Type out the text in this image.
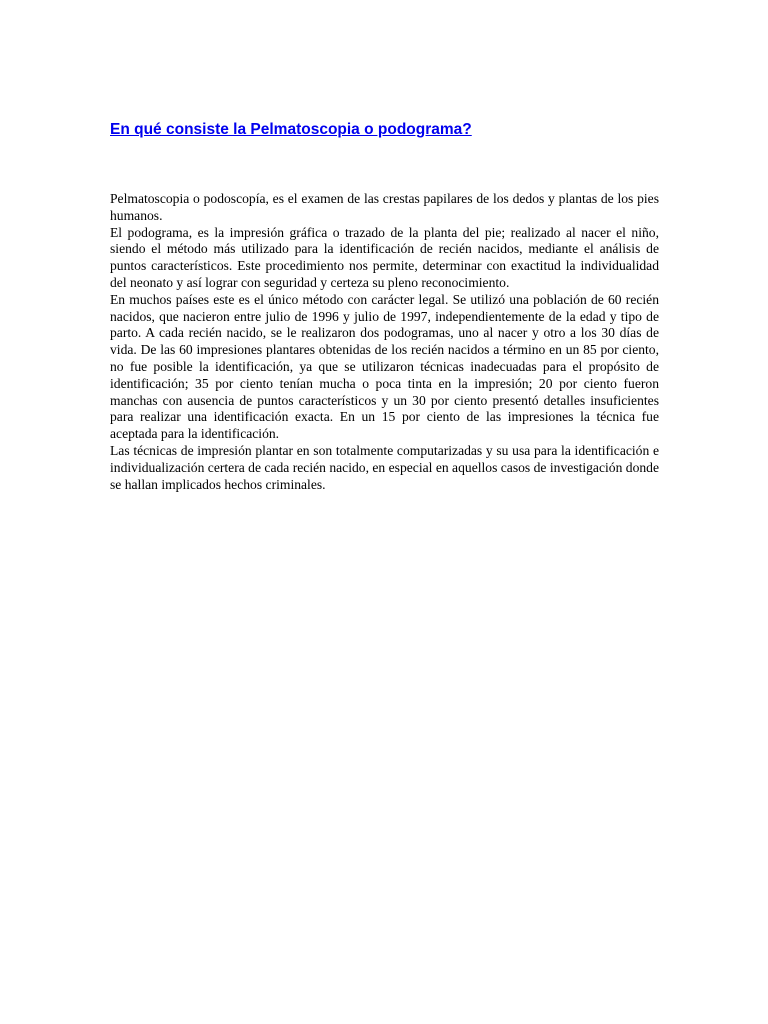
En qué consiste la Pelmatoscopia o podograma?

Pelmatoscopia o podoscopía, es el examen de las crestas papilares de los dedos y plantas de los pies humanos.

El podograma, es la impresión gráfica o trazado de la planta del pie; realizado al nacer el niño, siendo el método más utilizado para la identificación de recién nacidos, mediante el análisis de puntos característicos. Este procedimiento nos permite, determinar con exactitud la individualidad del neonato y así lograr con seguridad y certeza su pleno reconocimiento.

En muchos países este es el único método con carácter legal. Se utilizó una población de 60 recién nacidos, que nacieron entre julio de 1996 y julio de 1997, independientemente de la edad y tipo de parto. A cada recién nacido, se le realizaron dos podogramas, uno al nacer y otro a los 30 días de vida. De las 60 impresiones plantares obtenidas de los recién nacidos a término en un 85 por ciento, no fue posible la identificación, ya que se utilizaron técnicas inadecuadas para el propósito de identificación; 35 por ciento tenían mucha o poca tinta en la impresión; 20 por ciento fueron manchas con ausencia de puntos característicos y un 30 por ciento presentó detalles insuficientes para realizar una identificación exacta. En un 15 por ciento de las impresiones la técnica fue aceptada para la identificación.

Las técnicas de impresión plantar en son totalmente computarizadas y su usa para la identificación e individualización certera de cada recién nacido, en especial en aquellos casos de investigación donde se hallan implicados hechos criminales.
